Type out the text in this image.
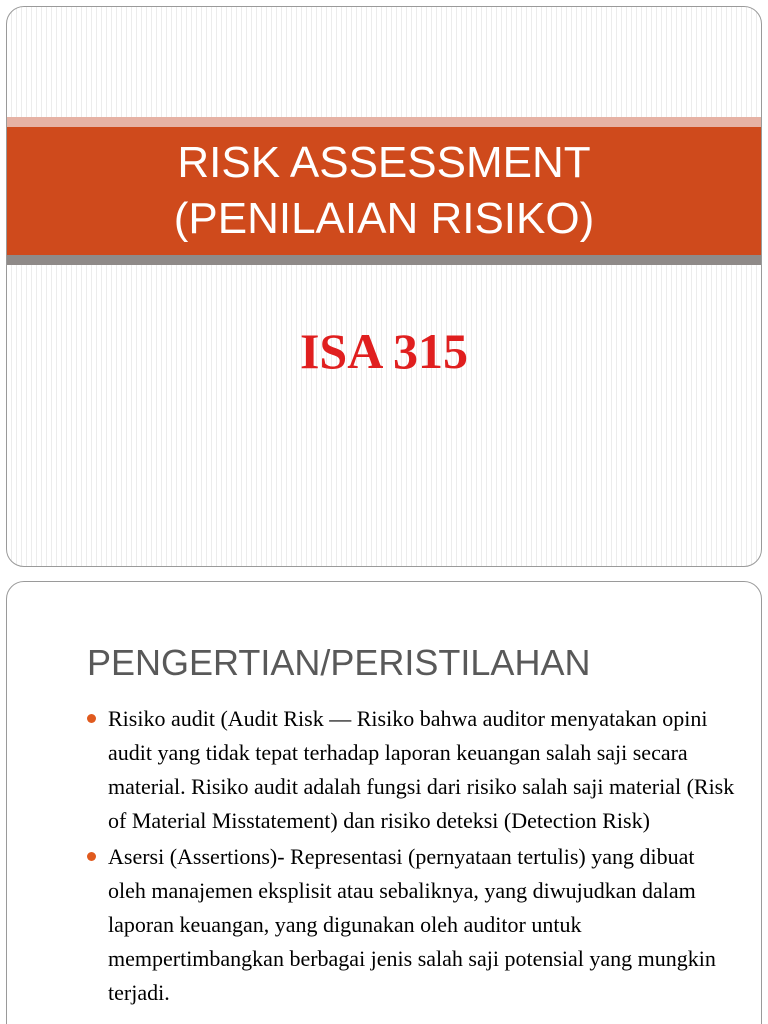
RISK ASSESSMENT
(PENILAIAN RISIKO)
ISA 315
PENGERTIAN/PERISTILAHAN
Risiko audit (Audit Risk — Risiko bahwa auditor menyatakan opini audit yang tidak tepat terhadap laporan keuangan salah saji secara material. Risiko audit adalah fungsi dari risiko salah saji material (Risk of Material Misstatement) dan risiko deteksi (Detection Risk)
Asersi (Assertions)- Representasi (pernyataan tertulis) yang dibuat oleh manajemen eksplisit atau sebaliknya, yang diwujudkan dalam laporan keuangan, yang digunakan oleh auditor untuk mempertimbangkan berbagai jenis salah saji potensial yang mungkin terjadi.
